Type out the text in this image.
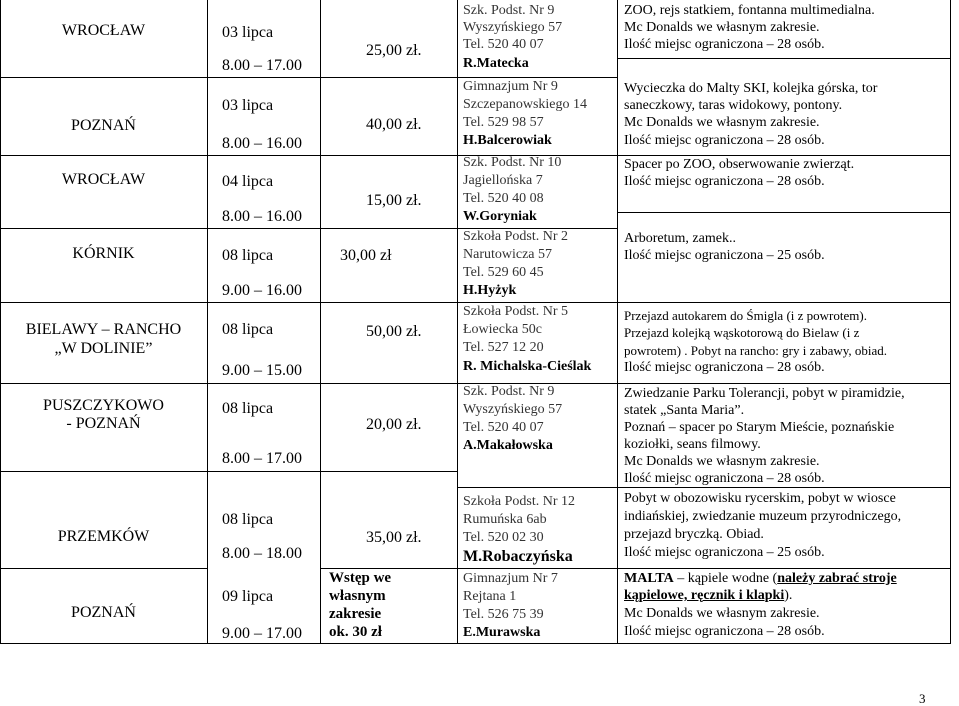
WROCŁAW
POZNAŃ
WROCŁAW
KÓRNIK
BIELAWY – RANCHO
„W DOLINIE”
PUSZCZYKOWO
- POZNAŃ
PRZEMKÓW
POZNAŃ
03 lipca
8.00 – 17.00
03 lipca
8.00 – 16.00
04 lipca
8.00 – 16.00
08 lipca
9.00 – 16.00
08 lipca
9.00 – 15.00
08 lipca
8.00 – 17.00
08 lipca
8.00 – 18.00
09 lipca
9.00 – 17.00
25,00 zł.
40,00 zł.
15,00 zł.
30,00 zł
50,00 zł.
20,00 zł.
35,00 zł.
Wstęp we
własnym
zakresie
ok. 30 zł
Szk. Podst. Nr 9
Wyszyńskiego 57
Tel. 520 40 07
R.Matecka
Gimnazjum Nr 9
Szczepanowskiego 14
Tel. 529 98 57
H.Balcerowiak
Szk. Podst. Nr 10
Jagiellońska 7
Tel. 520 40 08
W.Goryniak
Szkoła Podst. Nr 2
Narutowicza 57
Tel. 529 60 45
H.Hyżyk
Szkoła Podst. Nr 5
Łowiecka 50c
Tel. 527 12 20
R. Michalska-Cieślak
Szk. Podst. Nr 9
Wyszyńskiego 57
Tel. 520 40 07
A.Makałowska
Szkoła Podst. Nr 12
Rumuńska 6ab
Tel. 520 02 30
M.Robaczyńska
Gimnazjum Nr 7
Rejtana 1
Tel. 526 75 39
E.Murawska
ZOO, rejs statkiem, fontanna multimedialna.
Mc Donalds we własnym zakresie.
Ilość miejsc ograniczona – 28 osób.
Wycieczka do Malty SKI, kolejka górska, tor
saneczkowy, taras widokowy, pontony.
Mc Donalds we własnym zakresie.
Ilość miejsc ograniczona – 28 osób.
Spacer po ZOO, obserwowanie zwierząt.
Ilość miejsc ograniczona – 28 osób.
Arboretum, zamek..
Ilość miejsc ograniczona – 25 osób.
Przejazd autokarem do Śmigla (i z powrotem).
Przejazd kolejką wąskotorową do Bielaw (i z
powrotem) . Pobyt na rancho: gry i zabawy, obiad.
Ilość miejsc ograniczona – 28 osób.
Zwiedzanie Parku Tolerancji, pobyt w piramidzie,
statek „Santa Maria”.
Poznań – spacer po Starym Mieście, poznańskie
koziołki, seans filmowy.
Mc Donalds we własnym zakresie.
Ilość miejsc ograniczona – 28 osób.
Pobyt w obozowisku rycerskim, pobyt w wiosce
indiańskiej, zwiedzanie muzeum przyrodniczego,
przejazd bryczką. Obiad.
Ilość miejsc ograniczona – 25 osób.
MALTA – kąpiele wodne (należy zabrać stroje
kąpielowe, ręcznik i klapki).
Mc Donalds we własnym zakresie.
Ilość miejsc ograniczona – 28 osób.
3
